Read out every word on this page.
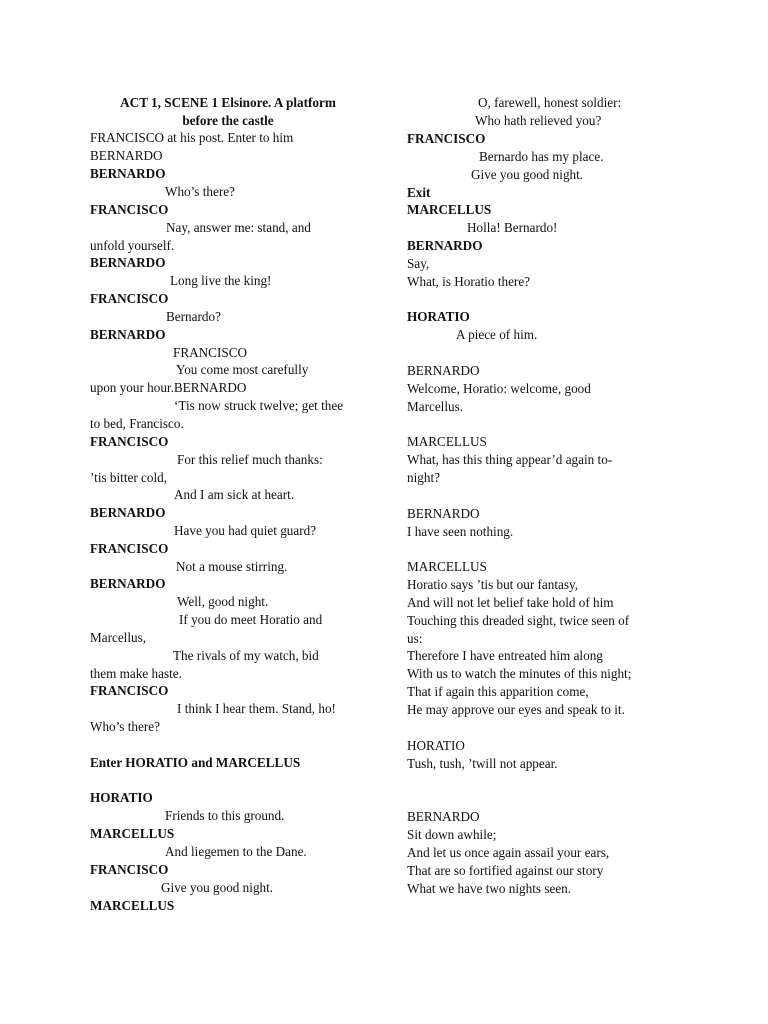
ACT 1, SCENE 1 Elsinore. A platform

before the castle

FRANCISCO at his post. Enter to him

BERNARDO

BERNARDO

Who’s there?

FRANCISCO

Nay, answer me: stand, and

unfold yourself.

BERNARDO

Long live the king!

FRANCISCO

Bernardo?

BERNARDO

FRANCISCO

You come most carefully

upon your hour.BERNARDO

‘Tis now struck twelve; get thee

to bed, Francisco.

FRANCISCO

For this relief much thanks:

’tis bitter cold,

And I am sick at heart.

BERNARDO

Have you had quiet guard?

FRANCISCO

Not a mouse stirring.

BERNARDO

Well, good night.

If you do meet Horatio and

Marcellus,

The rivals of my watch, bid

them make haste.

FRANCISCO

I think I hear them. Stand, ho!

Who’s there?

Enter HORATIO and MARCELLUS

HORATIO

Friends to this ground.

MARCELLUS

And liegemen to the Dane.

FRANCISCO

Give you good night.

MARCELLUS

O, farewell, honest soldier:

Who hath relieved you?

FRANCISCO

Bernardo has my place.

Give you good night.

Exit

MARCELLUS

Holla! Bernardo!

BERNARDO

Say,

What, is Horatio there?

HORATIO

A piece of him.

BERNARDO

Welcome, Horatio: welcome, good

Marcellus.

MARCELLUS

What, has this thing appear’d again to-

night?

BERNARDO

I have seen nothing.

MARCELLUS

Horatio says ’tis but our fantasy,

And will not let belief take hold of him

Touching this dreaded sight, twice seen of

us:

Therefore I have entreated him along

With us to watch the minutes of this night;

That if again this apparition come,

He may approve our eyes and speak to it.

HORATIO

Tush, tush, ’twill not appear.

BERNARDO

Sit down awhile;

And let us once again assail your ears,

That are so fortified against our story

What we have two nights seen.
